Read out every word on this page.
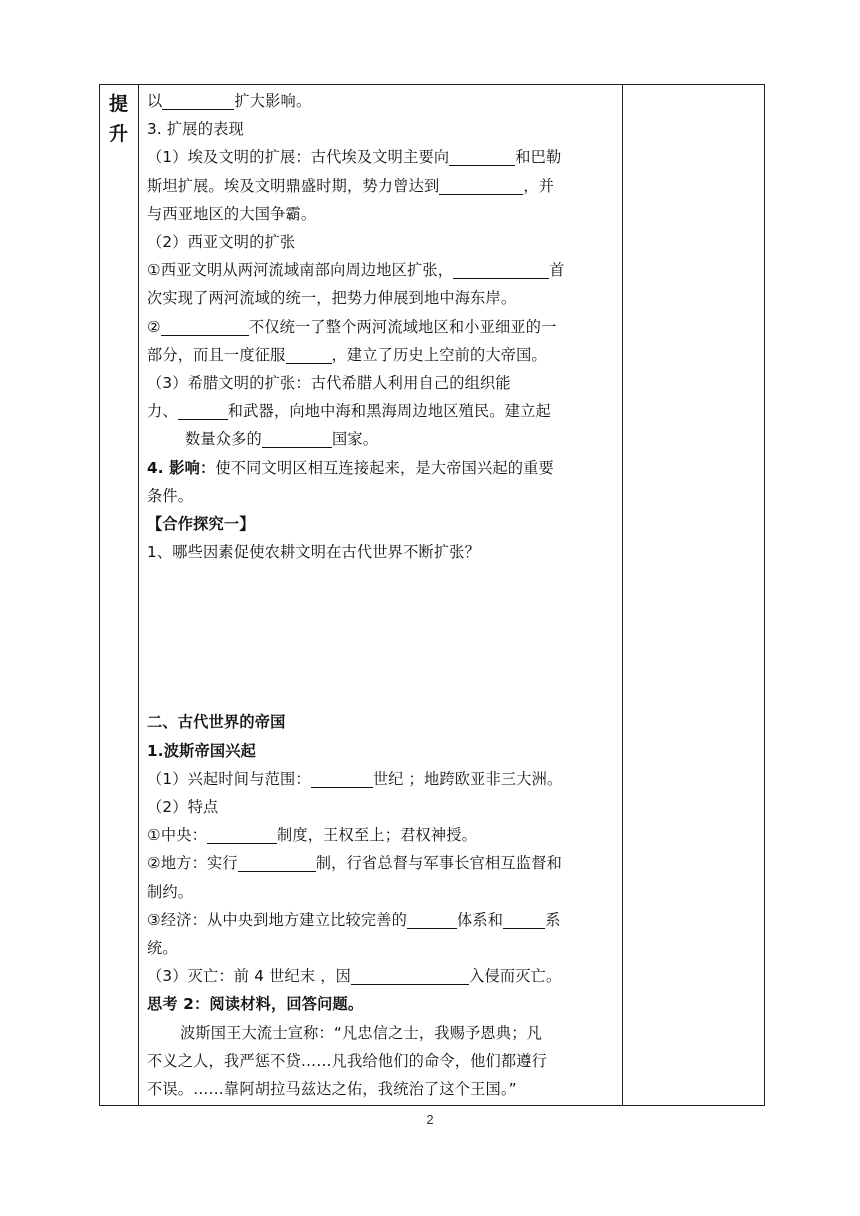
提
升

以	扩大影响。
3. 扩展的表现
（1）埃及文明的扩展：古代埃及文明主要向	和巴勒
斯坦扩展。埃及文明鼎盛时期，势力曾达到	，并
与西亚地区的大国争霸。
（2）西亚文明的扩张
①西亚文明从两河流域南部向周边地区扩张，	首
次实现了两河流域的统一，把势力伸展到地中海东岸。
②	不仅统一了整个两河流域地区和小亚细亚的一
部分，而且一度征服	，建立了历史上空前的大帝国。
（3）希腊文明的扩张：古代希腊人利用自己的组织能
力、	和武器，向地中海和黑海周边地区殖民。建立起
数量众多的	国家。
4. 影响：使不同文明区相互连接起来，是大帝国兴起的重要
条件。
【合作探究一】
1、哪些因素促使农耕文明在古代世界不断扩张？
二、古代世界的帝国
1.波斯帝国兴起
（1）兴起时间与范围：	世纪 ；地跨欧亚非三大洲。
（2）特点
①中央：	制度，王权至上；君权神授。
②地方：实行	制，行省总督与军事长官相互监督和
制约。
③经济：从中央到地方建立比较完善的	体系和	系
统。
（3）灭亡：前 4 世纪末 ，因	入侵而灭亡。
思考 2：阅读材料，回答问题。
波斯国王大流士宣称：“凡忠信之士，我赐予恩典；凡
不义之人，我严惩不贷……凡我给他们的命令，他们都遵行
不误。……靠阿胡拉马兹达之佑，我统治了这个王国。”

2
